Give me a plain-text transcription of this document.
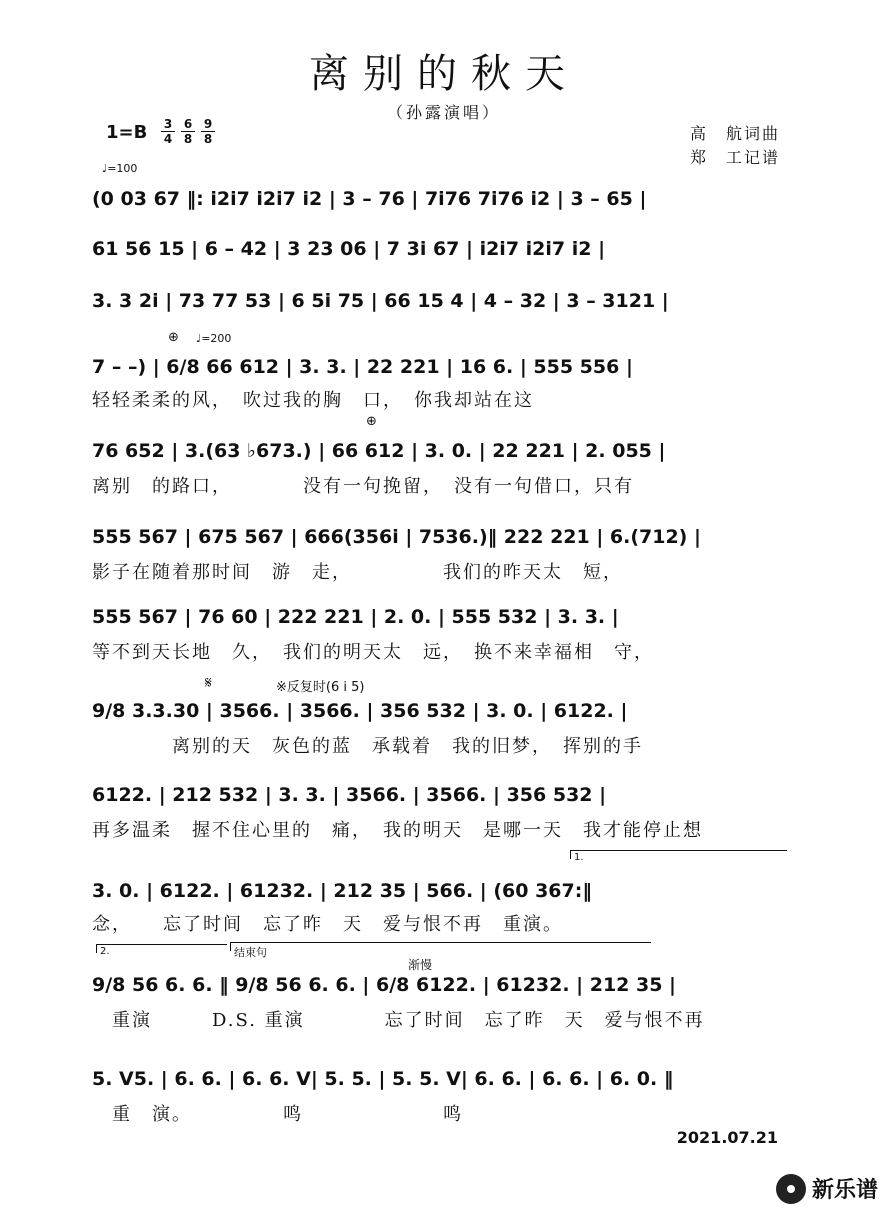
离别的秋天
（孙露演唱）
1=B	3
4
6
8
9
8	高　航词曲
郑　工记谱
♩=100
(0 03 67 ‖: i2i7 i2i7 i2 | 3 – 76 | 7i76 7i76 i2 | 3 – 65 |
61 56 15 | 6 – 42 | 3 23 06 | 7 3i 67 | i2i7 i2i7 i2 |
3. 3 2i | 73 77 53 | 6 5i 75 | 66 15 4 | 4 – 32 | 3 – 3121 |
⊕ ♩=200
7 – –) | 6/8 66 612 | 3. 3. | 22 221 | 16 6. | 555 556 |
轻轻柔柔的风，　吹过我的胸　口，　你我却站在这
⊕
76 652 | 3.(63 ♭673.) | 66 612 | 3. 0. | 22 221 | 2. 055 |
离别　的路口，　　　　没有一句挽留，　没有一句借口，只有
555 567 | 675 567 | 666(356i | 7536.)‖ 222 221 | 6.(712) |
影子在随着那时间　游　走，　　　　　我们的昨天太　短，
555 567 | 76 60 | 222 221 | 2. 0. | 555 532 | 3. 3. |
等不到天长地　久，　我们的明天太　远，　换不来幸福相　守，
𝄋	※反复时(6 i 5)
9/8 3.3.30 | 3566. | 3566. | 356 532 | 3. 0. | 6122. |
　　　　离别的天　灰色的蓝　承载着　我的旧梦，　挥别的手
6122. | 212 532 | 3. 3. | 3566. | 3566. | 356 532 |
再多温柔　握不住心里的　痛，　我的明天　是哪一天　我才能停止想
1.
3. 0. | 6122. | 61232. | 212 35 | 566. | (60 367:‖
念，　　忘了时间　忘了昨　天　爱与恨不再　重演。
2.	结束句
渐慢
9/8 56 6. 6. ‖ 9/8 56 6. 6. | 6/8 6122. | 61232. | 212 35 |
　重演　　　D.S. 重演　　　　忘了时间　忘了昨　天　爱与恨不再
5. V5. | 6. 6. | 6. 6. V| 5. 5. | 5. 5. V| 6. 6. | 6. 6. | 6. 0. ‖
　重　演。　　　　　鸣　　　　　　　鸣
2021.07.21
新乐谱
